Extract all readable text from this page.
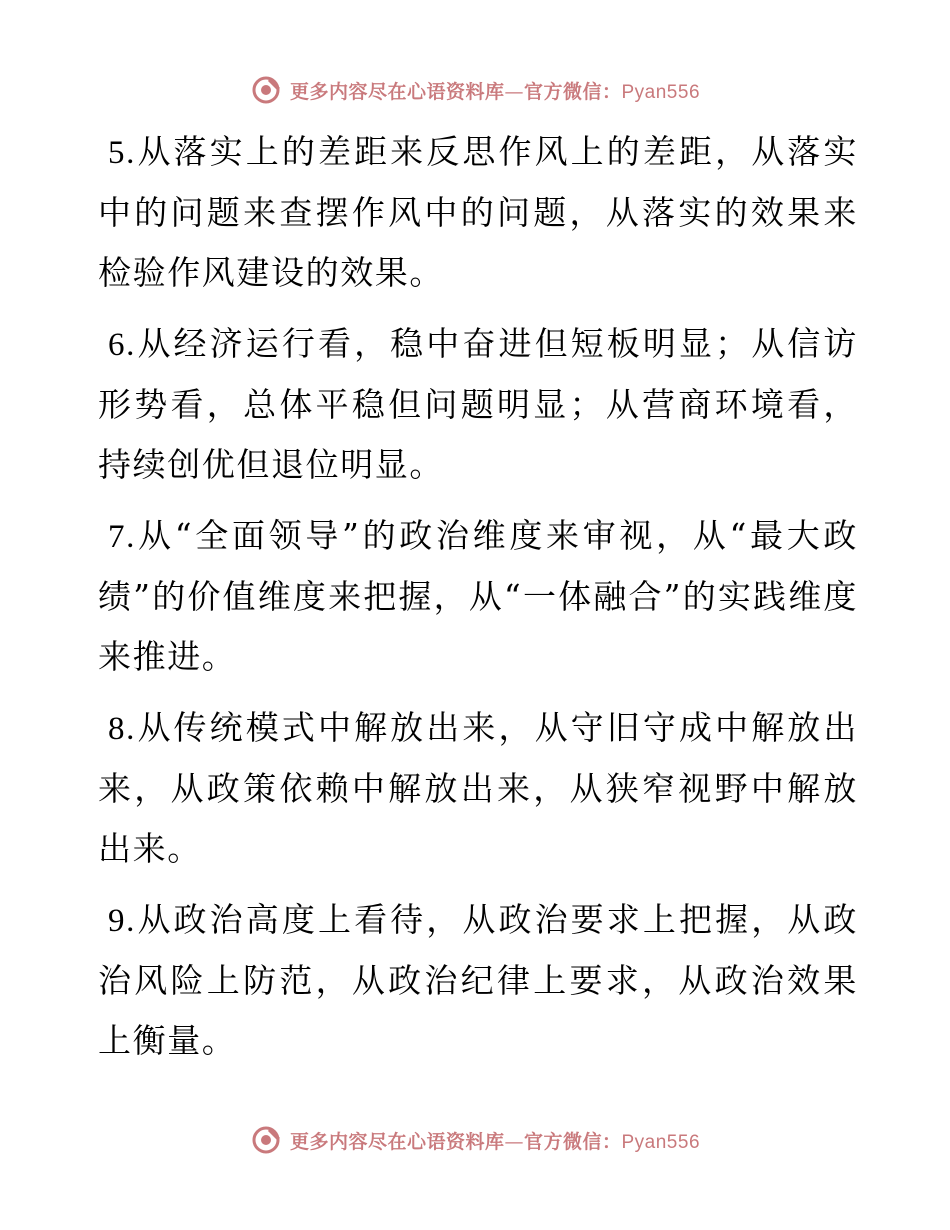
更多内容尽在心语资料库—官方微信：Pyan556

5.从落实上的差距来反思作风上的差距，从落实中的问题来查摆作风中的问题，从落实的效果来检验作风建设的效果。

6.从经济运行看，稳中奋进但短板明显；从信访形势看，总体平稳但问题明显；从营商环境看，持续创优但退位明显。

7.从“全面领导”的政治维度来审视，从“最大政绩”的价值维度来把握，从“一体融合”的实践维度来推进。

8.从传统模式中解放出来，从守旧守成中解放出来，从政策依赖中解放出来，从狭窄视野中解放出来。

9.从政治高度上看待，从政治要求上把握，从政治风险上防范，从政治纪律上要求，从政治效果上衡量。

更多内容尽在心语资料库—官方微信：Pyan556
